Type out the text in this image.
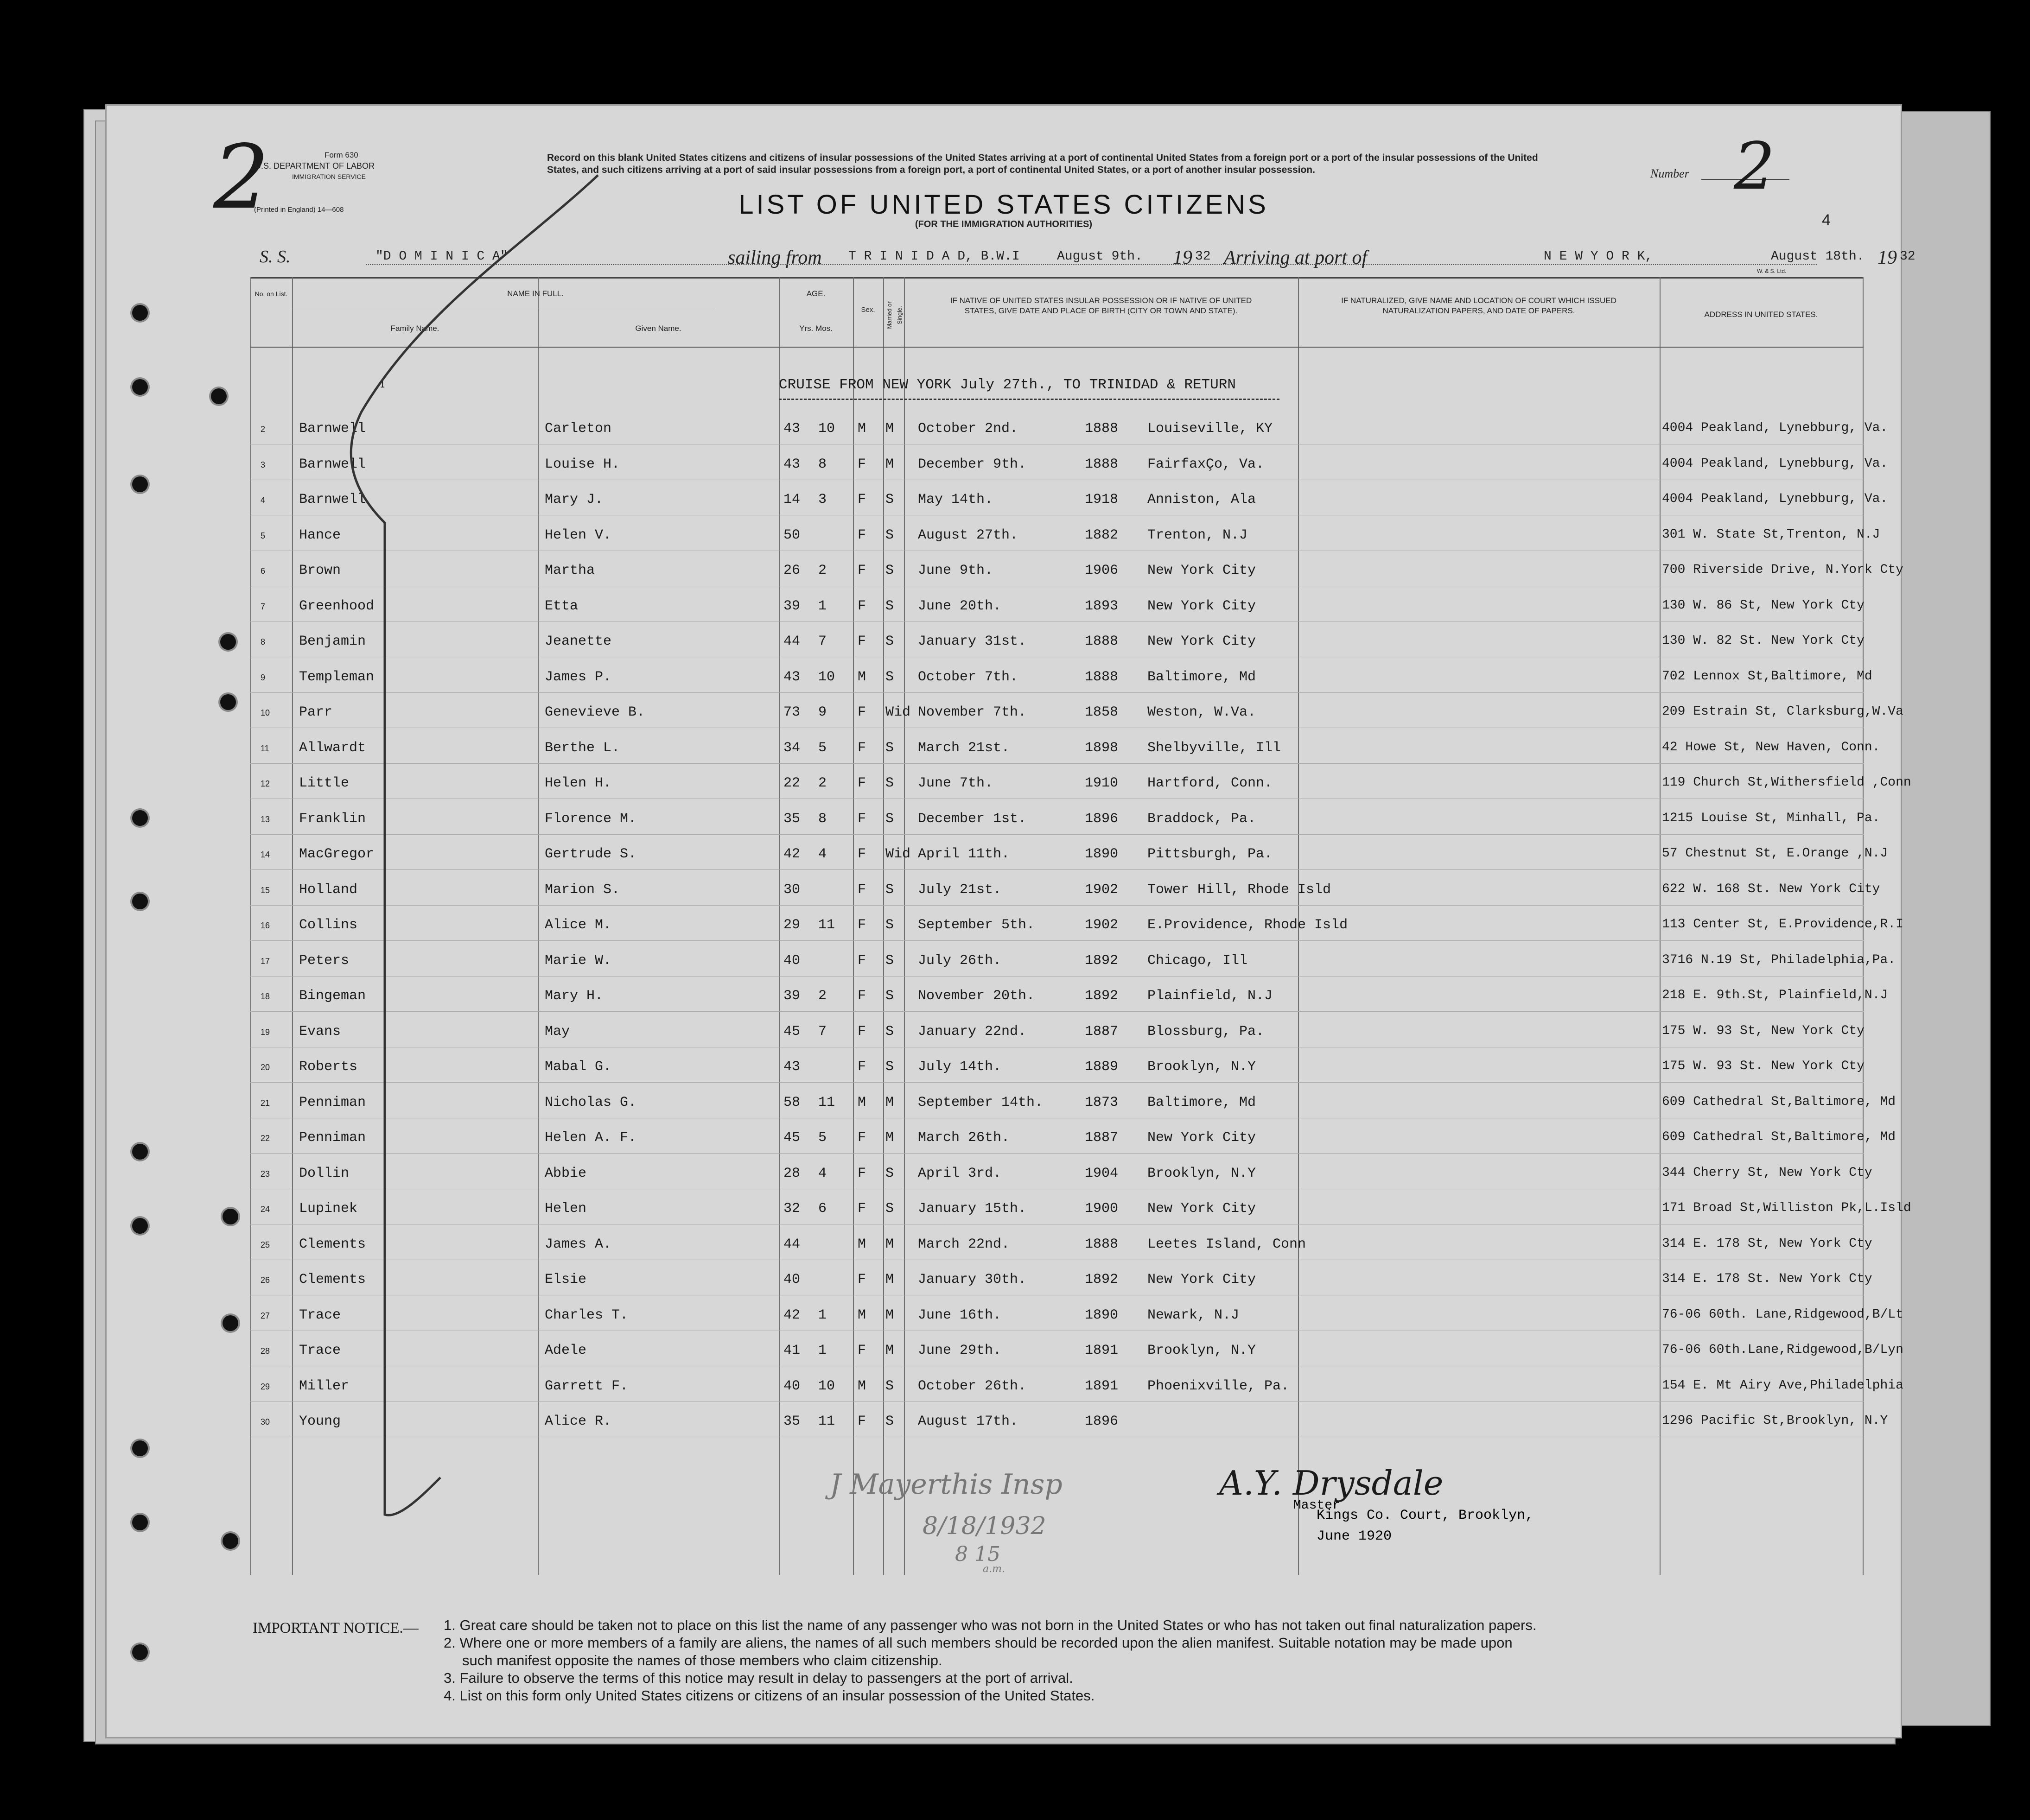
2	Form 630
U.S. DEPARTMENT OF LABOR
IMMIGRATION SERVICE
(Printed in England) 14—608
Record on this blank United States citizens and citizens of insular possessions of the United States arriving at a port of continental United States from a foreign port or a port of the insular possessions of the United States, and such citizens arriving at a port of said insular possessions from a foreign port, a port of continental United States, or a port of another insular possession.
LIST OF UNITED STATES CITIZENS
(FOR THE IMMIGRATION AUTHORITIES)
Number 2
4
W. & S. Ltd.
S. S.	"D O M I N I C A"	sailing from T R I N I D A D, B.W.I	August 9th. 19 32 Arriving at port of	N E W Y O R K,	August 18th. 19 32
No. on List.	NAME IN FULL.
Family Name.	Given Name.
AGE.
Yrs. Mos.
Sex.	Married or Single.
IF NATIVE OF UNITED STATES INSULAR POSSESSION OR IF NATIVE OF UNITED STATES, GIVE DATE AND PLACE OF BIRTH (CITY OR TOWN AND STATE).
IF NATURALIZED, GIVE NAME AND LOCATION OF COURT WHICH ISSUED NATURALIZATION PAPERS, AND DATE OF PAPERS.	ADDRESS IN UNITED STATES.
1	CRUISE FROM NEW YORK July 27th., TO TRINIDAD & RETURN
2 Barnwell	Carleton	43 10 M M October 2nd.	1888 Louiseville, KY	4004 Peakland, Lynebburg, Va.
3 Barnwell	Louise H.	43 8 F M December 9th.	1888 FairfaxÇo, Va.	4004 Peakland, Lynebburg, Va.
4 Barnwell	Mary J.	14 3 F S May 14th.	1918 Anniston, Ala	4004 Peakland, Lynebburg, Va.
5 Hance	Helen V.	50	F S August 27th.	1882 Trenton, N.J	301 W. State St,Trenton, N.J
6 Brown	Martha	26 2 F S June 9th.	1906 New York City	700 Riverside Drive, N.York Cty
7 Greenhood	Etta	39 1 F S June 20th.	1893 New York City	130 W. 86 St, New York Cty
8 Benjamin	Jeanette	44 7 F S January 31st.	1888 New York City	130 W. 82 St. New York Cty
9 Templeman	James P.	43 10 M S October 7th.	1888 Baltimore, Md	702 Lennox St,Baltimore, Md
10 Parr	Genevieve B.	73 9 F Wid November 7th.	1858 Weston, W.Va.	209 Estrain St, Clarksburg,W.Va
11 Allwardt	Berthe L.	34 5 F S March 21st.	1898 Shelbyville, Ill	42 Howe St, New Haven, Conn.
12 Little	Helen H.	22 2 F S June 7th.	1910 Hartford, Conn.	119 Church St,Withersfield ,Conn
13 Franklin	Florence M.	35 8 F S December 1st.	1896 Braddock, Pa.	1215 Louise St, Minhall, Pa.
14 MacGregor	Gertrude S.	42 4 F Wid April 11th.	1890 Pittsburgh, Pa.	57 Chestnut St, E.Orange ,N.J
15 Holland	Marion S.	30	F S July 21st.	1902 Tower Hill, Rhode Isld	622 W. 168 St. New York City
16 Collins	Alice M.	29 11 F S September 5th.	1902 E.Providence, Rhode Isld	113 Center St, E.Providence,R.I
17 Peters	Marie W.	40	F S July 26th.	1892 Chicago, Ill	3716 N.19 St, Philadelphia,Pa.
18 Bingeman	Mary H.	39 2 F S November 20th.	1892 Plainfield, N.J	218 E. 9th.St, Plainfield,N.J
19 Evans	May	45 7 F S January 22nd.	1887 Blossburg, Pa.	175 W. 93 St, New York Cty
20 Roberts	Mabal G.	43	F S July 14th.	1889 Brooklyn, N.Y	175 W. 93 St. New York Cty
21 Penniman	Nicholas G.	58 11 M M September 14th.	1873 Baltimore, Md	609 Cathedral St,Baltimore, Md
22 Penniman	Helen A. F.	45 5 F M March 26th.	1887 New York City	609 Cathedral St,Baltimore, Md
23 Dollin	Abbie	28 4 F S April 3rd.	1904 Brooklyn, N.Y	344 Cherry St, New York Cty
24 Lupinek	Helen	32 6 F S January 15th.	1900 New York City	171 Broad St,Williston Pk,L.Isld
25 Clements	James A.	44	M M March 22nd.	1888 Leetes Island, Conn	314 E. 178 St, New York Cty
26 Clements	Elsie	40	F M January 30th.	1892 New York City	314 E. 178 St. New York Cty
27 Trace	Charles T.	42 1 M M June 16th.	1890 Newark, N.J	76-06 60th. Lane,Ridgewood,B/Lt
28 Trace	Adele	41 1 F M June 29th.	1891 Brooklyn, N.Y	76-06 60th.Lane,Ridgewood,B/Lyn
29 Miller	Garrett F.	40 10 M S October 26th.	1891 Phoenixville, Pa.	154 E. Mt Airy Ave,Philadelphia
30 Young	Alice R.	35 11 F S August 17th.	1896	1296 Pacific St,Brooklyn, N.Y
Kings Co. Court, Brooklyn,
June 1920
A.Y. Drysdale
Master
J Mayerthis Insp
8/18/1932
8 15
a.m.
IMPORTANT NOTICE.— 1. Great care should be taken not to place on this list the name of any passenger who was not born in the United States or who has not taken out final naturalization papers.
2. Where one or more members of a family are aliens, the names of all such members should be recorded upon the alien manifest. Suitable notation may be made upon
such manifest opposite the names of those members who claim citizenship.
3. Failure to observe the terms of this notice may result in delay to passengers at the port of arrival.
4. List on this form only United States citizens or citizens of an insular possession of the United States.
